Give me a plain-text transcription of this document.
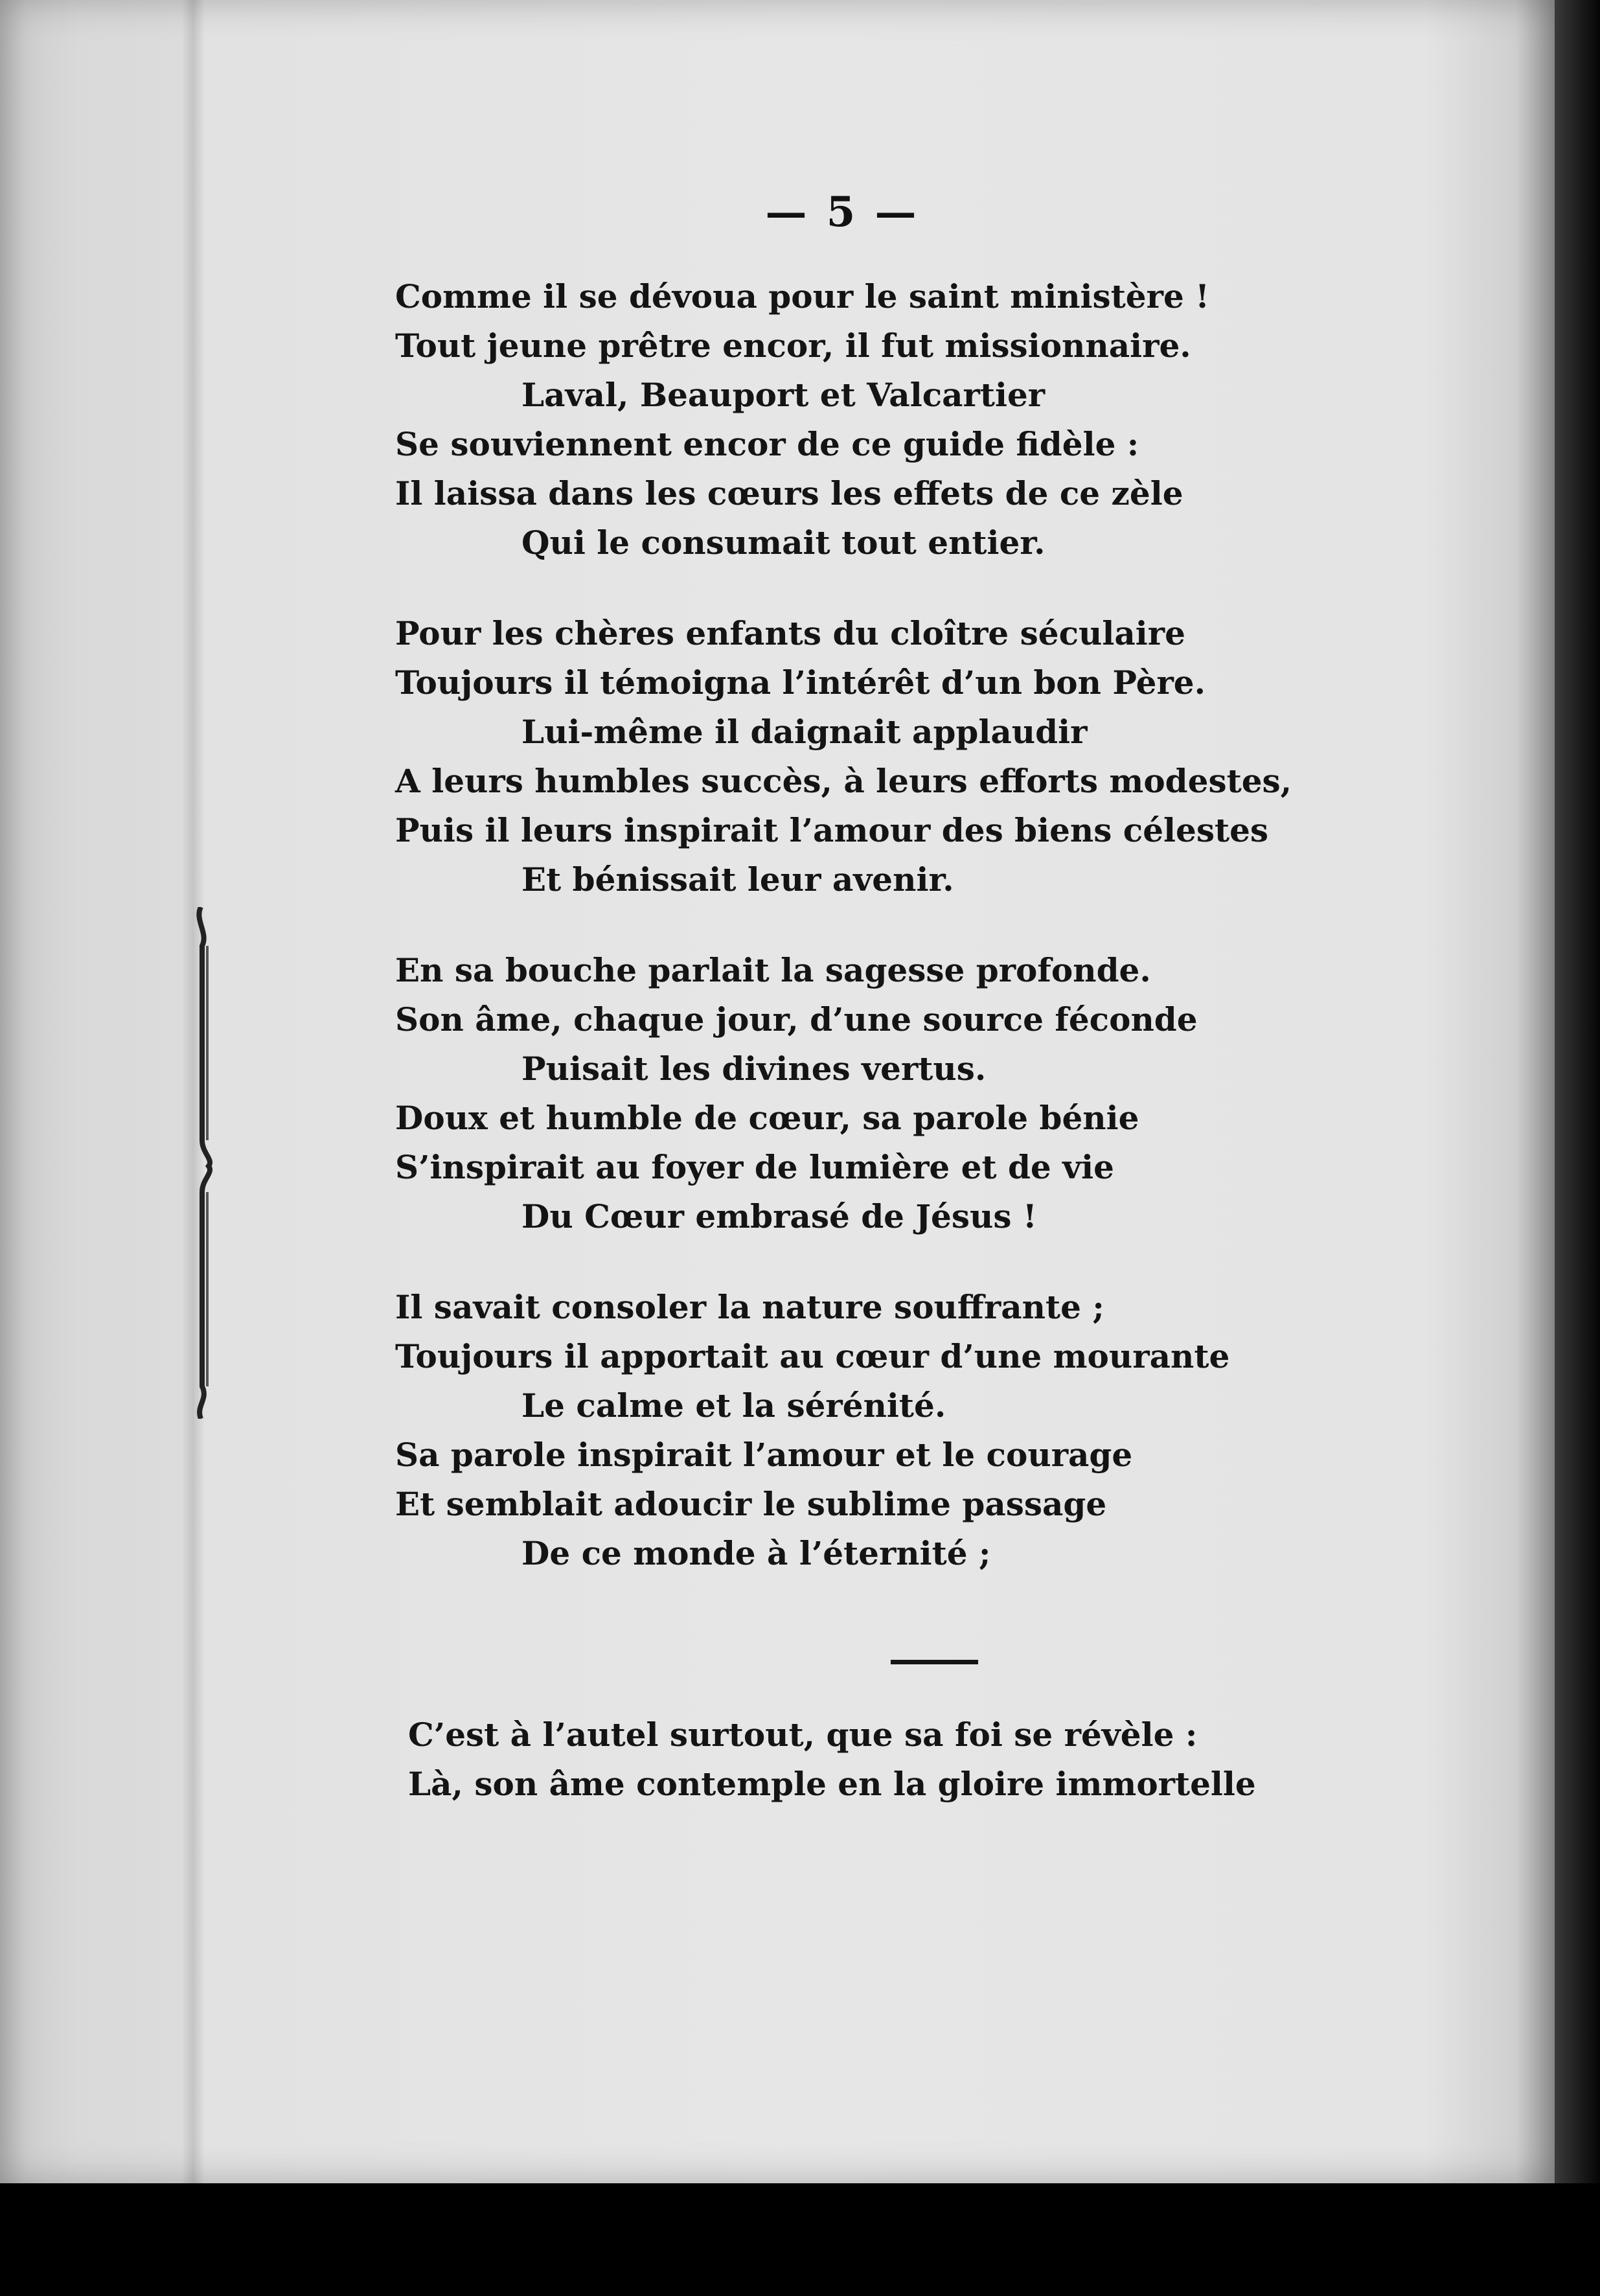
— 5 —
Comme il se dévoua pour le saint ministère !
Tout jeune prêtre encor, il fut missionnaire.
Laval, Beauport et Valcartier
Se souviennent encor de ce guide fidèle :
Il laissa dans les cœurs les effets de ce zèle
Qui le consumait tout entier.
Pour les chères enfants du cloître séculaire
Toujours il témoigna l’intérêt d’un bon Père.
Lui-même il daignait applaudir
A leurs humbles succès, à leurs efforts modestes,
Puis il leurs inspirait l’amour des biens célestes
Et bénissait leur avenir.
En sa bouche parlait la sagesse profonde.
Son âme, chaque jour, d’une source féconde
Puisait les divines vertus.
Doux et humble de cœur, sa parole bénie
S’inspirait au foyer de lumière et de vie
Du Cœur embrasé de Jésus !
Il savait consoler la nature souffrante ;
Toujours il apportait au cœur d’une mourante
Le calme et la sérénité.
Sa parole inspirait l’amour et le courage
Et semblait adoucir le sublime passage
De ce monde à l’éternité ;
C’est à l’autel surtout, que sa foi se révèle :
Là, son âme contemple en la gloire immortelle
